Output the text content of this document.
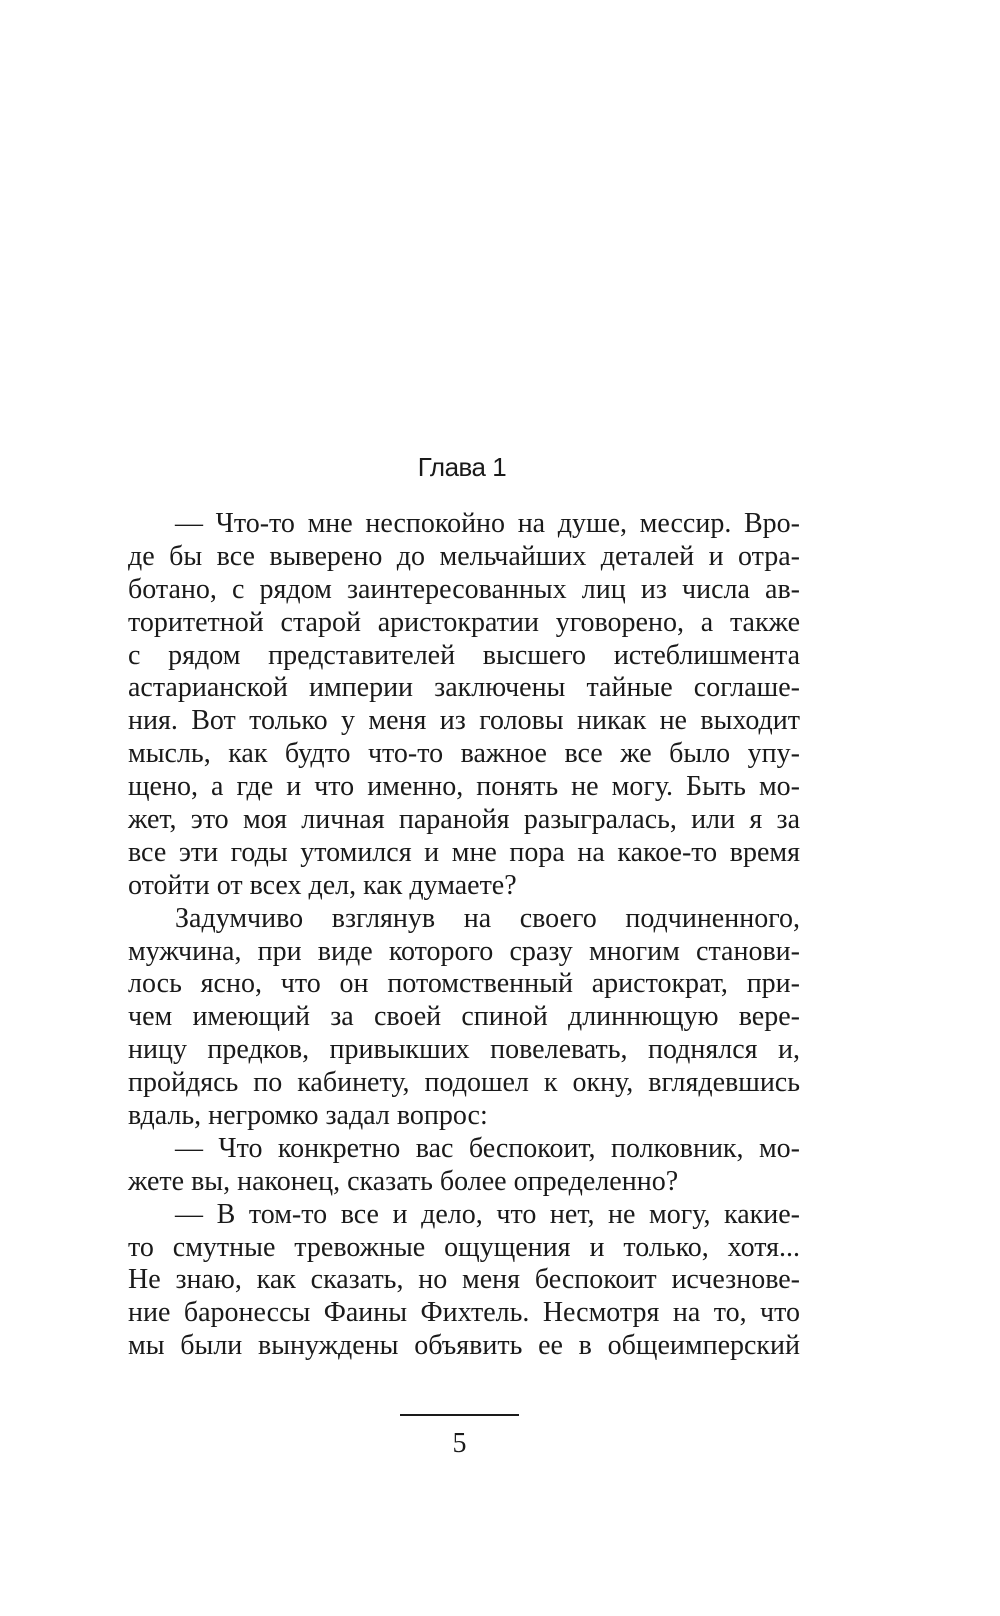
Глава 1
— Что-то мне неспокойно на душе, мессир. Вро-
де бы все выверено до мельчайших деталей и отра-
ботано, с рядом заинтересованных лиц из числа ав-
торитетной старой аристократии уговорено, а также
с рядом представителей высшего истеблишмента
астарианской империи заключены тайные соглаше-
ния. Вот только у меня из головы никак не выходит
мысль, как будто что-то важное все же было упу-
щено, а где и что именно, понять не могу. Быть мо-
жет, это моя личная паранойя разыгралась, или я за
все эти годы утомился и мне пора на какое-то время
отойти от всех дел, как думаете?
Задумчиво взглянув на своего подчиненного,
мужчина, при виде которого сразу многим станови-
лось ясно, что он потомственный аристократ, при-
чем имеющий за своей спиной длиннющую вере-
ницу предков, привыкших повелевать, поднялся и,
пройдясь по кабинету, подошел к окну, вглядевшись
вдаль, негромко задал вопрос:
— Что конкретно вас беспокоит, полковник, мо-
жете вы, наконец, сказать более определенно?
— В том-то все и дело, что нет, не могу, какие-
то смутные тревожные ощущения и только, хотя...
Не знаю, как сказать, но меня беспокоит исчезнове-
ние баронессы Фаины Фихтель. Несмотря на то, что
мы были вынуждены объявить ее в общеимперский
5
